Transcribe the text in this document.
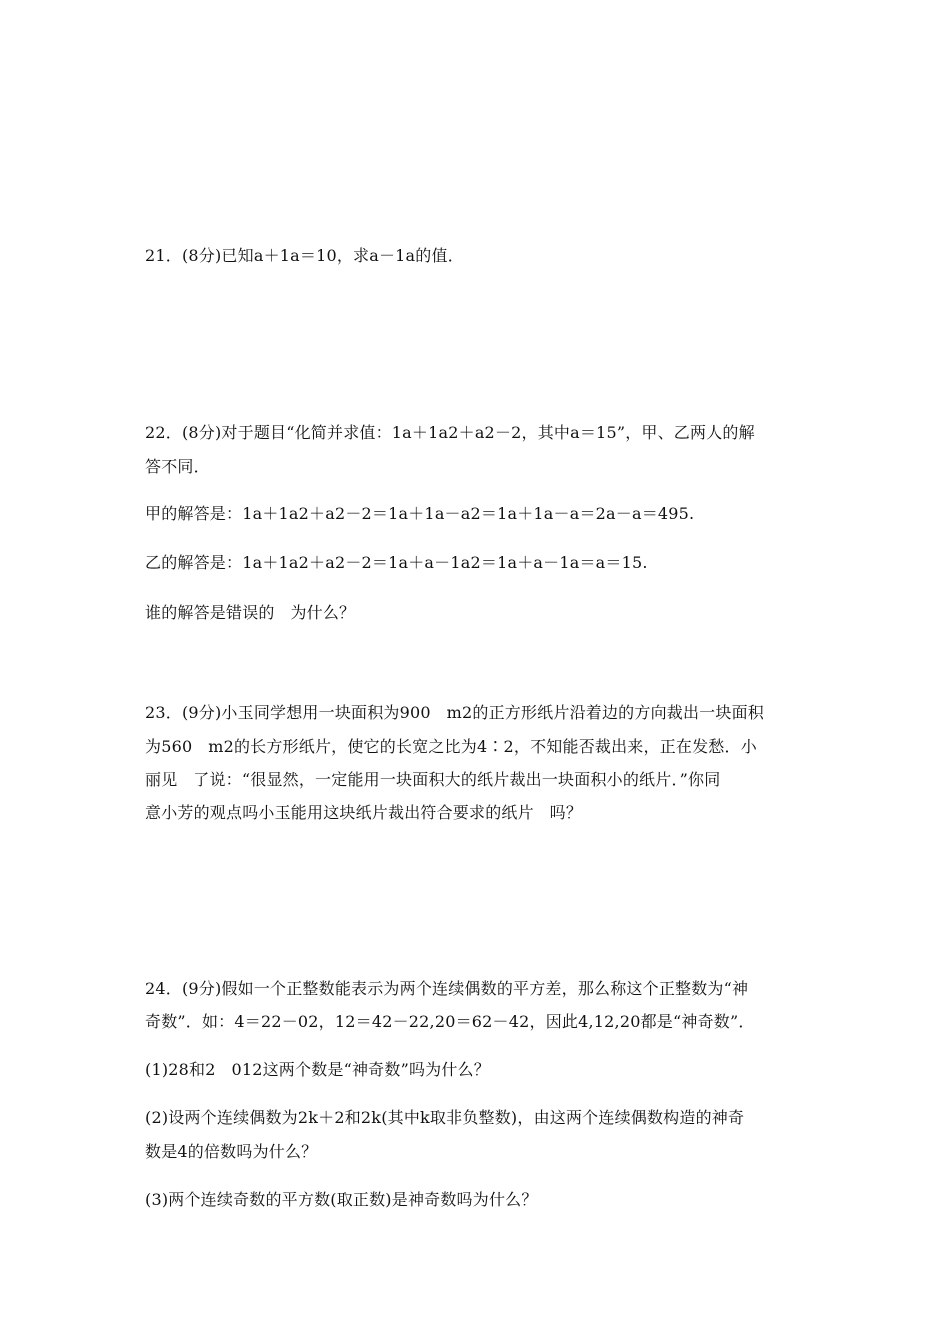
21．(8分)已知a＋1a＝10，求a－1a的值．
22．(8分)对于题目“化简并求值：1a＋1a2＋a2－2，其中a＝15”，甲、乙两人的解
答不同．
甲的解答是：1a＋1a2＋a2－2＝1a＋1a－a2＝1a＋1a－a＝2a－a＝495.
乙的解答是：1a＋1a2＋a2－2＝1a＋a－1a2＝1a＋a－1a＝a＝15.
谁的解答是错误的   为什么？
23．(9分)小玉同学想用一块面积为900   m2的正方形纸片沿着边的方向裁出一块面积
为560   m2的长方形纸片，使它的长宽之比为4∶2，不知能否裁出来，正在发愁．小
丽见   了说：“很显然，一定能用一块面积大的纸片裁出一块面积小的纸片．”你同
意小芳的观点吗小玉能用这块纸片裁出符合要求的纸片   吗？
24．(9分)假如一个正整数能表示为两个连续偶数的平方差，那么称这个正整数为“神
奇数”．如：4＝22－02，12＝42－22,20＝62－42，因此4,12,20都是“神奇数”．
(1)28和2   012这两个数是“神奇数”吗为什么？
(2)设两个连续偶数为2k＋2和2k(其中k取非负整数)，由这两个连续偶数构造的神奇
数是4的倍数吗为什么？
(3)两个连续奇数的平方数(取正数)是神奇数吗为什么？
